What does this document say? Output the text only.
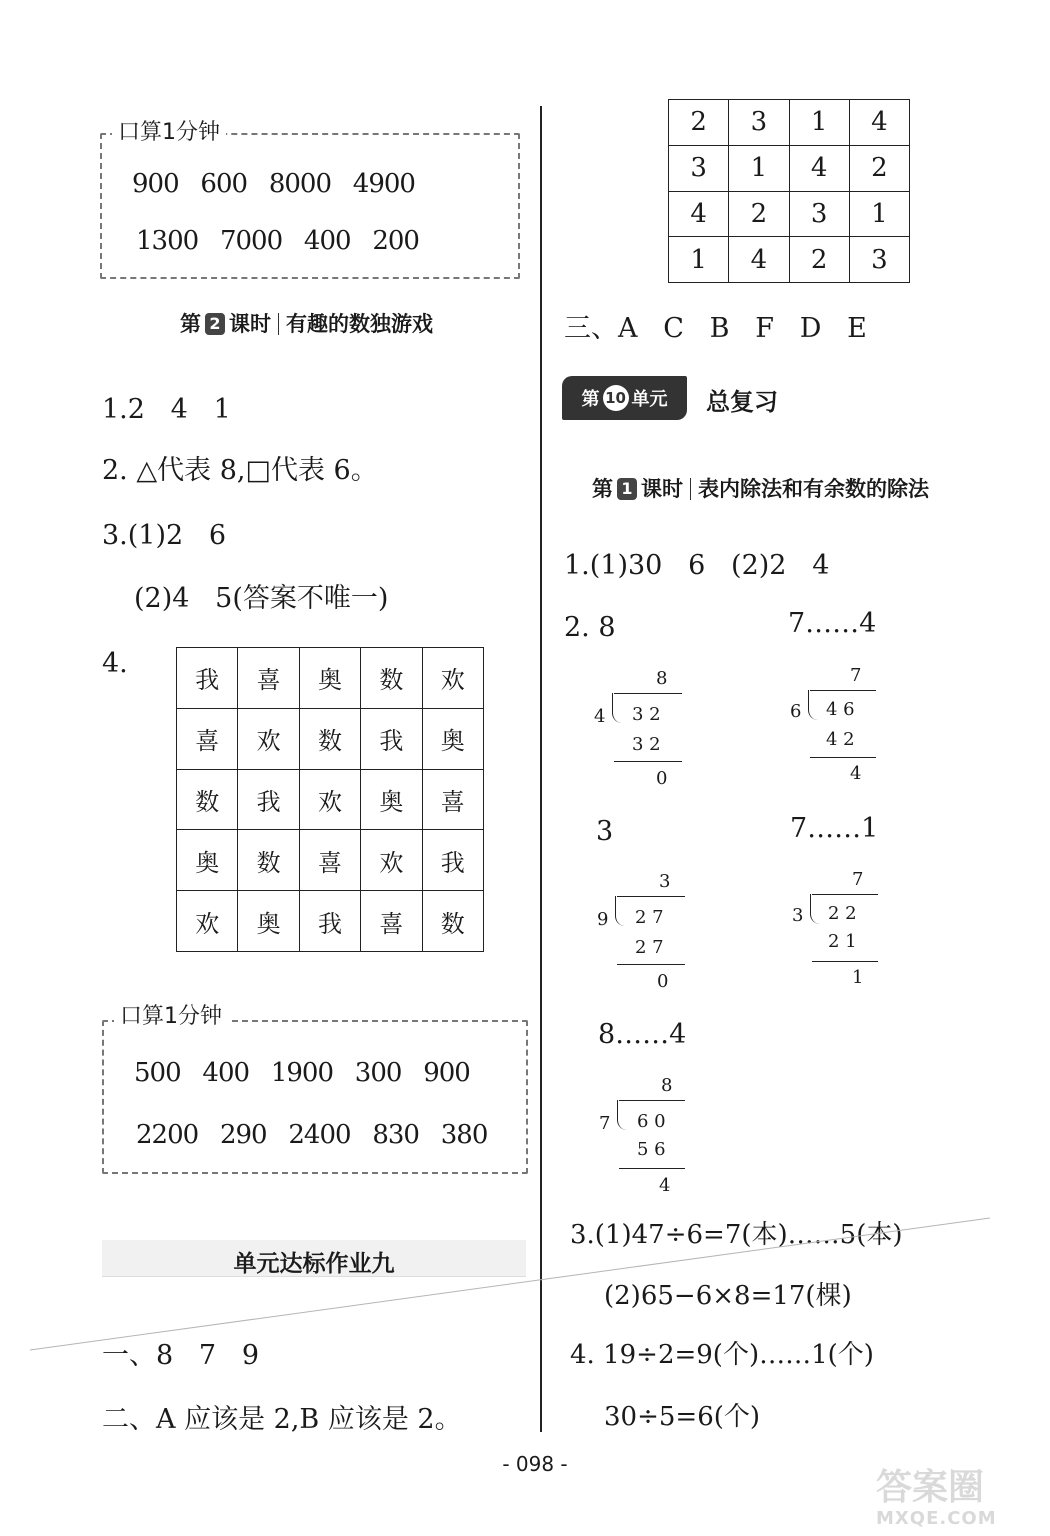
口算1分钟
900   600   8000   4900
1300   7000   400   200
第 2 课时 有趣的数独游戏
1.2   4   1
2. △代表 8,□代表 6。
3.(1)2   6
(2)4   5(答案不唯一)
4.
我	喜	奥	数	欢
喜	欢	数	我	奥
数	我	欢	奥	喜
奥	数	喜	欢	我
欢	奥	我	喜	数
口算1分钟
500   400   1900   300   900
2200   290   2400   830   380
单元达标作业九
一、8   7   9
二、A 应该是 2,B 应该是 2。
2	3	1	4
3	1	4	2
4	2	3	1
1	4	2	3
三、A   C   B   F   D   E
第 10 单元 总复习
第 1 课时 表内除法和有余数的除法
1.(1)30   6   (2)2   4
2. 8	7……4

8

4

3 2

3 2

0

7

6

4 6

4 2

4

3	7……1

3

9

2 7

2 7

0

7

3

2 2

2 1

1

8……4

8

7

6 0

5 6

4

3.(1)47÷6=7(本)……5(本)
(2)65−6×8=17(棵)
4. 19÷2=9(个)……1(个)
30÷5=6(个)
- 098 -
答案圈
MXQE.COM
